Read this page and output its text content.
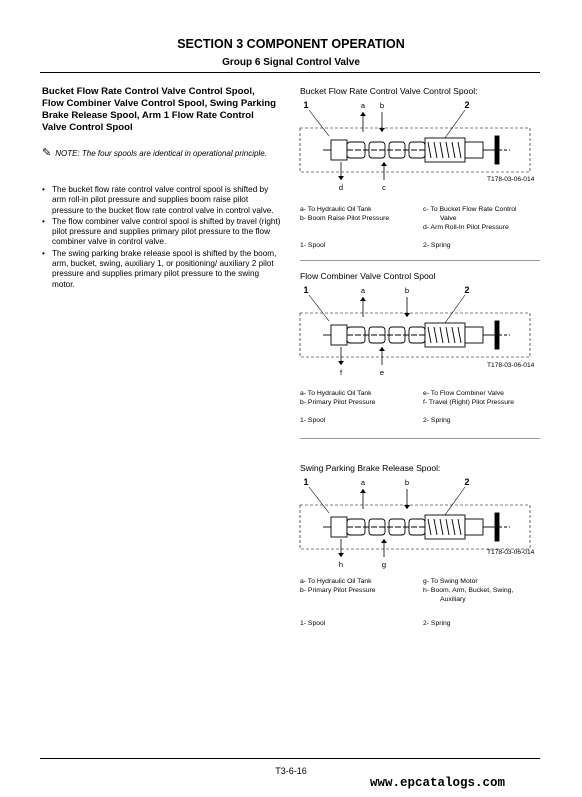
SECTION 3 COMPONENT OPERATION
Group 6 Signal Control Valve
Bucket Flow Rate Control Valve Control Spool, Flow Combiner Valve Control Spool, Swing Parking Brake Release Spool, Arm 1 Flow Rate Control Valve Control Spool
✎ NOTE: The four spools are identical in operational principle.
• The bucket flow rate control valve control spool is shifted by arm roll-in pilot pressure and supplies boom raise pilot pressure to the bucket flow rate control valve in control valve.
• The flow combiner valve control spool is shifted by travel (right) pilot pressure and supplies primary pilot pressure to the flow combiner valve in control valve.
• The swing parking brake release spool is shifted by the boom, arm, bucket, swing, auxiliary 1, or positioning/ auxiliary 2 pilot pressure and supplies primary pilot pressure to the swing motor.
Bucket Flow Rate Control Valve Control Spool:
1	2
a b
d	c
T178-03-06-014
a- To Hydraulic Oil Tank
b- Boom Raise Pilot Pressure
c- To Bucket Flow Rate Control
Valve
d- Arm Roll-In Pilot Pressure
1- Spool	2- Spring
Flow Combiner Valve Control Spool
1	2
a	b
f	e
T178-03-06-014
a- To Hydraulic Oil Tank
b- Primary Pilot Pressure
e- To Flow Combiner Valve
f- Travel (Right) Pilot Pressure
1- Spool	2- Spring
Swing Parking Brake Release Spool:
1	2
a	b
h	g
T178-03-06-014
a- To Hydraulic Oil Tank
b- Primary Pilot Pressure
g- To Swing Motor
h- Boom, Arm, Bucket, Swing,
Auxiliary
1- Spool	2- Spring
T3-6-16
www.epcatalogs.com
